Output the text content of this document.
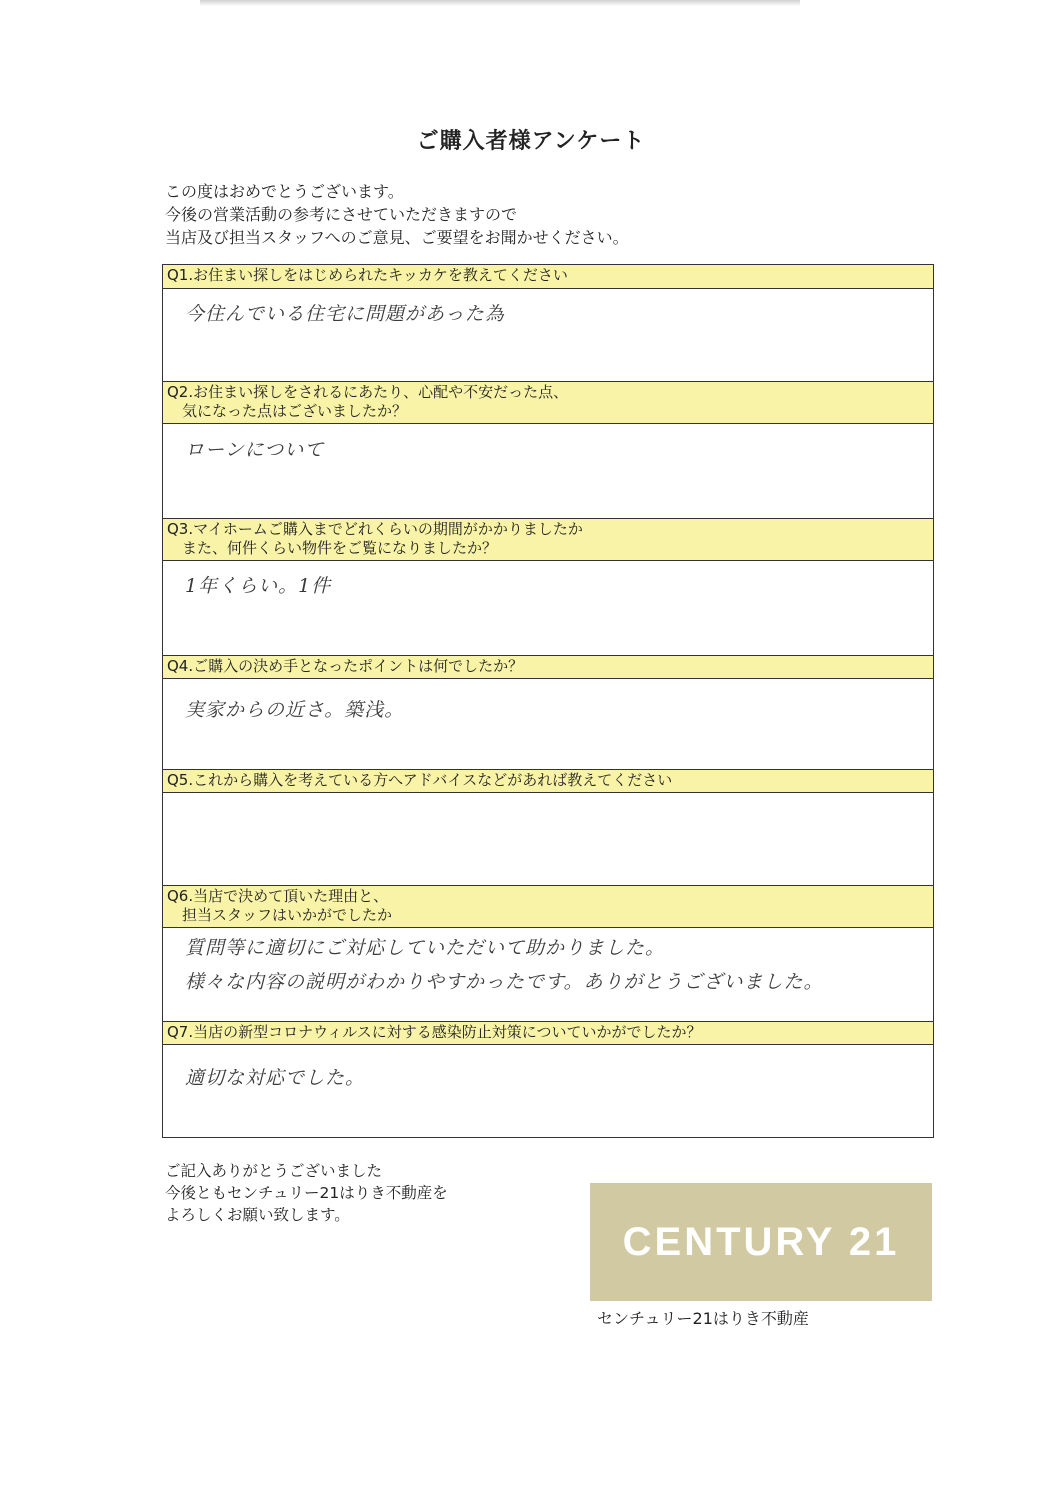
ご購入者様アンケート
この度はおめでとうございます。
今後の営業活動の参考にさせていただきますので
当店及び担当スタッフへのご意見、ご要望をお聞かせください。
Q1.お住まい探しをはじめられたキッカケを教えてください
今住んでいる住宅に問題があった為
Q2.お住まい探しをされるにあたり、心配や不安だった点、
　気になった点はございましたか？
ローンについて
Q3.マイホームご購入までどれくらいの期間がかかりましたか
　また、何件くらい物件をご覧になりましたか？
1年くらい。1件
Q4.ご購入の決め手となったポイントは何でしたか？
実家からの近さ。築浅。
Q5.これから購入を考えている方へアドバイスなどがあれば教えてください
Q6.当店で決めて頂いた理由と、
　担当スタッフはいかがでしたか
質問等に適切にご対応していただいて助かりました。
様々な内容の説明がわかりやすかったです。ありがとうございました。
Q7.当店の新型コロナウィルスに対する感染防止対策についていかがでしたか？
適切な対応でした。
ご記入ありがとうございました
今後ともセンチュリー21はりき不動産を
よろしくお願い致します。
CENTURY 21
センチュリー21はりき不動産
